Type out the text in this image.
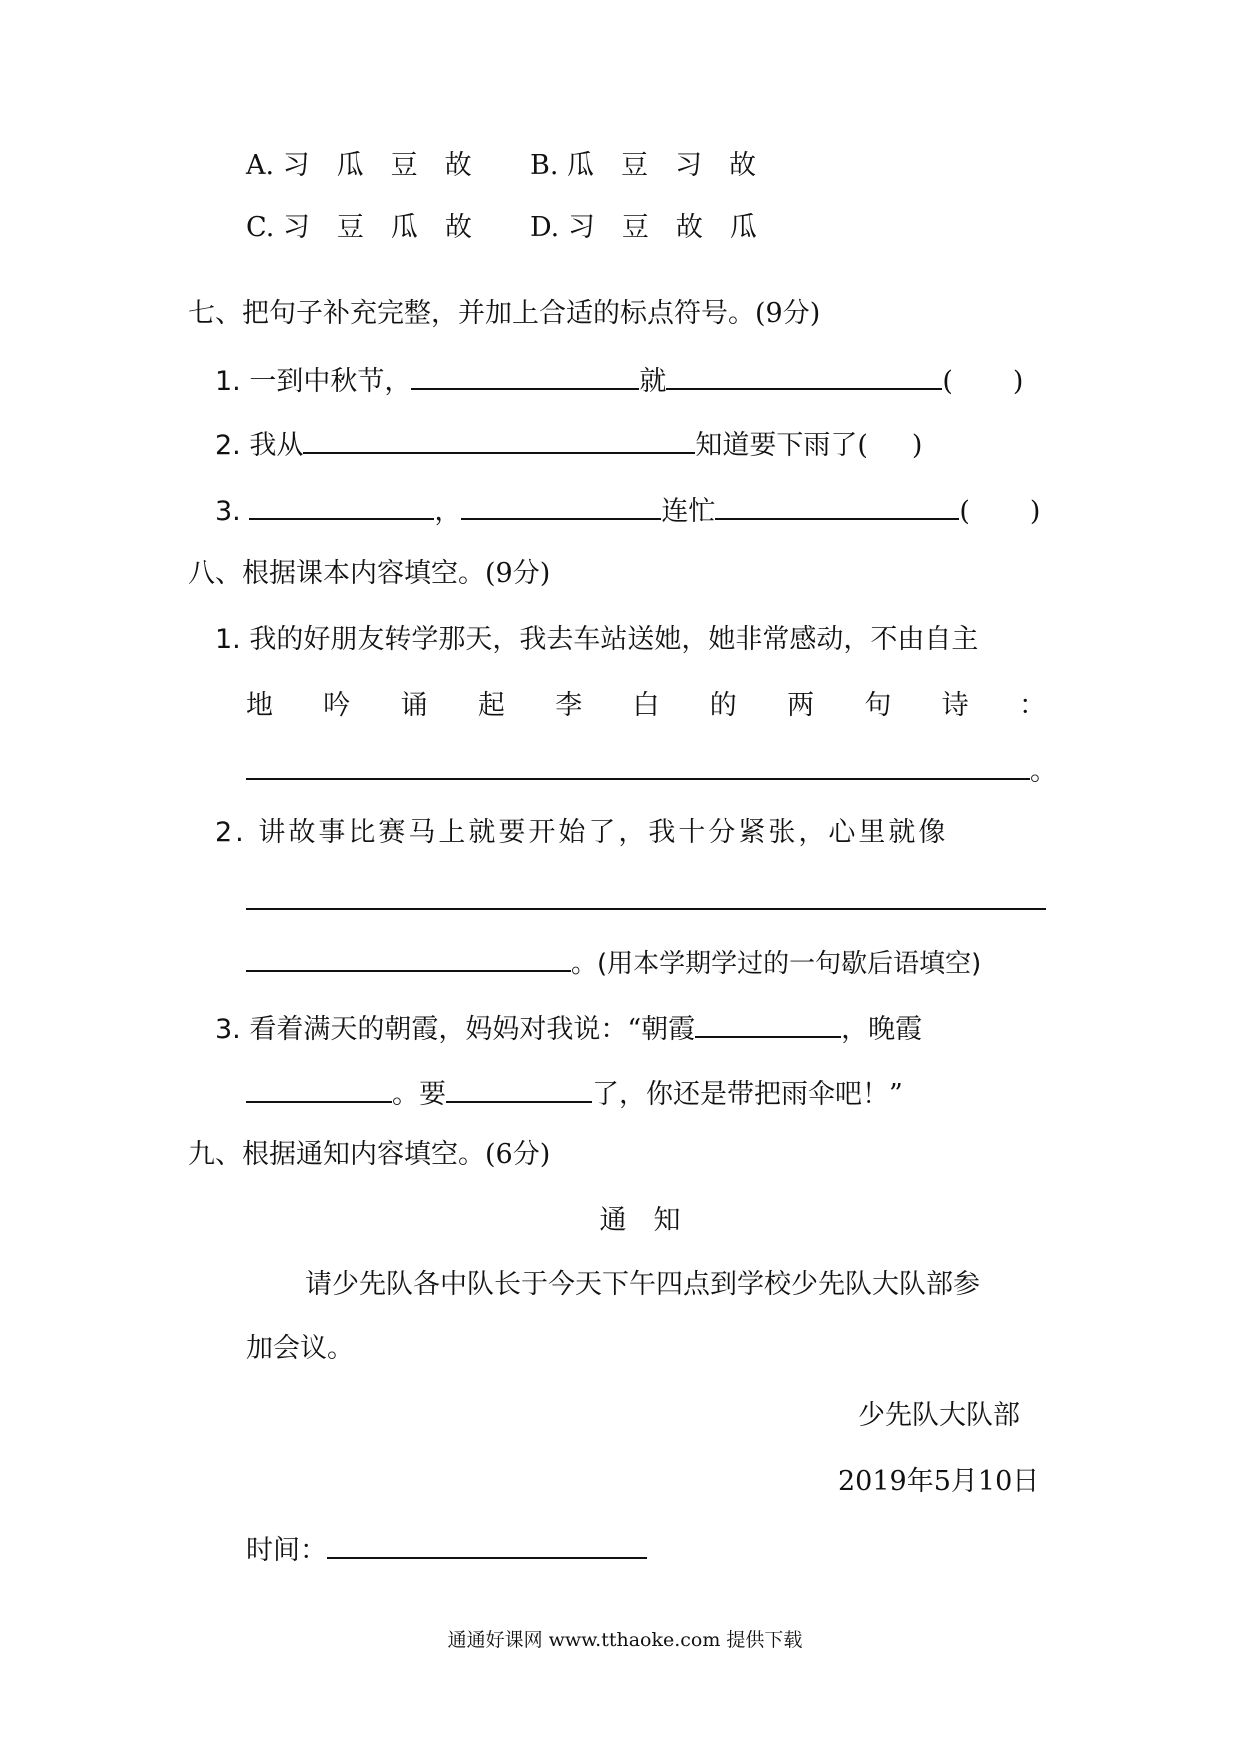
A. 习　瓜　豆　故 B. 瓜　豆　习　故
C. 习　豆　瓜　故 D. 习　豆　故　瓜
七、把句子补充完整，并加上合适的标点符号。(9分)
1. 一到中秋节，	就	( )
2. 我从	知道要下雨了( )
3.	，	连忙	( )
八、根据课本内容填空。(9分)
1. 我的好朋友转学那天，我去车站送她，她非常感动，不由自主
地 吟 诵 起 李 白 的 两 句 诗 ：
。
2. 讲故事比赛马上就要开始了，我十分紧张，心里就像
。(用本学期学过的一句歇后语填空)
3. 看着满天的朝霞，妈妈对我说：“朝霞	，晚霞
。要	了，你还是带把雨伞吧！”
九、根据通知内容填空。(6分)
通　知
请少先队各中队长于今天下午四点到学校少先队大队部参
加会议。
少先队大队部
2019年5月10日
时间：
通通好课网 www.tthaoke.com 提供下载
